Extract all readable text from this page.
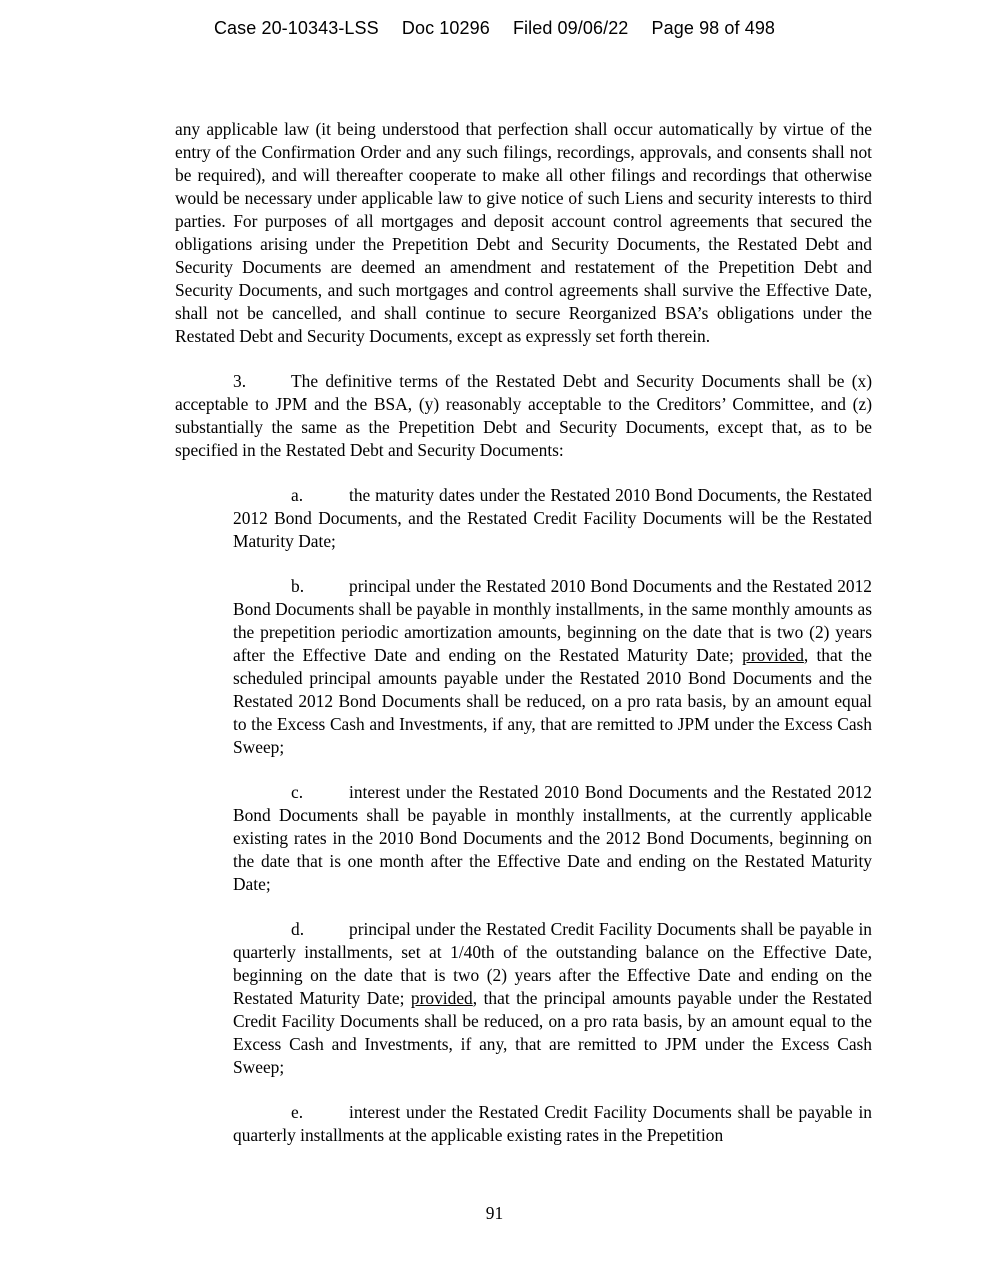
Case 20-10343-LSS Doc 10296 Filed 09/06/22 Page 98 of 498

any applicable law (it being understood that perfection shall occur automatically by virtue of the entry of the Confirmation Order and any such filings, recordings, approvals, and consents shall not be required), and will thereafter cooperate to make all other filings and recordings that otherwise would be necessary under applicable law to give notice of such Liens and security interests to third parties. For purposes of all mortgages and deposit account control agreements that secured the obligations arising under the Prepetition Debt and Security Documents, the Restated Debt and Security Documents are deemed an amendment and restatement of the Prepetition Debt and Security Documents, and such mortgages and control agreements shall survive the Effective Date, shall not be cancelled, and shall continue to secure Reorganized BSA’s obligations under the Restated Debt and Security Documents, except as expressly set forth therein.

3.	The definitive terms of the Restated Debt and Security Documents shall be (x) acceptable to JPM and the BSA, (y) reasonably acceptable to the Creditors’ Committee, and (z) substantially the same as the Prepetition Debt and Security Documents, except that, as to be specified in the Restated Debt and Security Documents:

a.	the maturity dates under the Restated 2010 Bond Documents, the Restated 2012 Bond Documents, and the Restated Credit Facility Documents will be the Restated Maturity Date;

b.	principal under the Restated 2010 Bond Documents and the Restated 2012 Bond Documents shall be payable in monthly installments, in the same monthly amounts as the prepetition periodic amortization amounts, beginning on the date that is two (2) years after the Effective Date and ending on the Restated Maturity Date; provided, that the scheduled principal amounts payable under the Restated 2010 Bond Documents and the Restated 2012 Bond Documents shall be reduced, on a pro rata basis, by an amount equal to the Excess Cash and Investments, if any, that are remitted to JPM under the Excess Cash Sweep;

c.	interest under the Restated 2010 Bond Documents and the Restated 2012 Bond Documents shall be payable in monthly installments, at the currently applicable existing rates in the 2010 Bond Documents and the 2012 Bond Documents, beginning on the date that is one month after the Effective Date and ending on the Restated Maturity Date;

d.	principal under the Restated Credit Facility Documents shall be payable in quarterly installments, set at 1/40th of the outstanding balance on the Effective Date, beginning on the date that is two (2) years after the Effective Date and ending on the Restated Maturity Date; provided, that the principal amounts payable under the Restated Credit Facility Documents shall be reduced, on a pro rata basis, by an amount equal to the Excess Cash and Investments, if any, that are remitted to JPM under the Excess Cash Sweep;

e.	interest under the Restated Credit Facility Documents shall be payable in quarterly installments at the applicable existing rates in the Prepetition

91
